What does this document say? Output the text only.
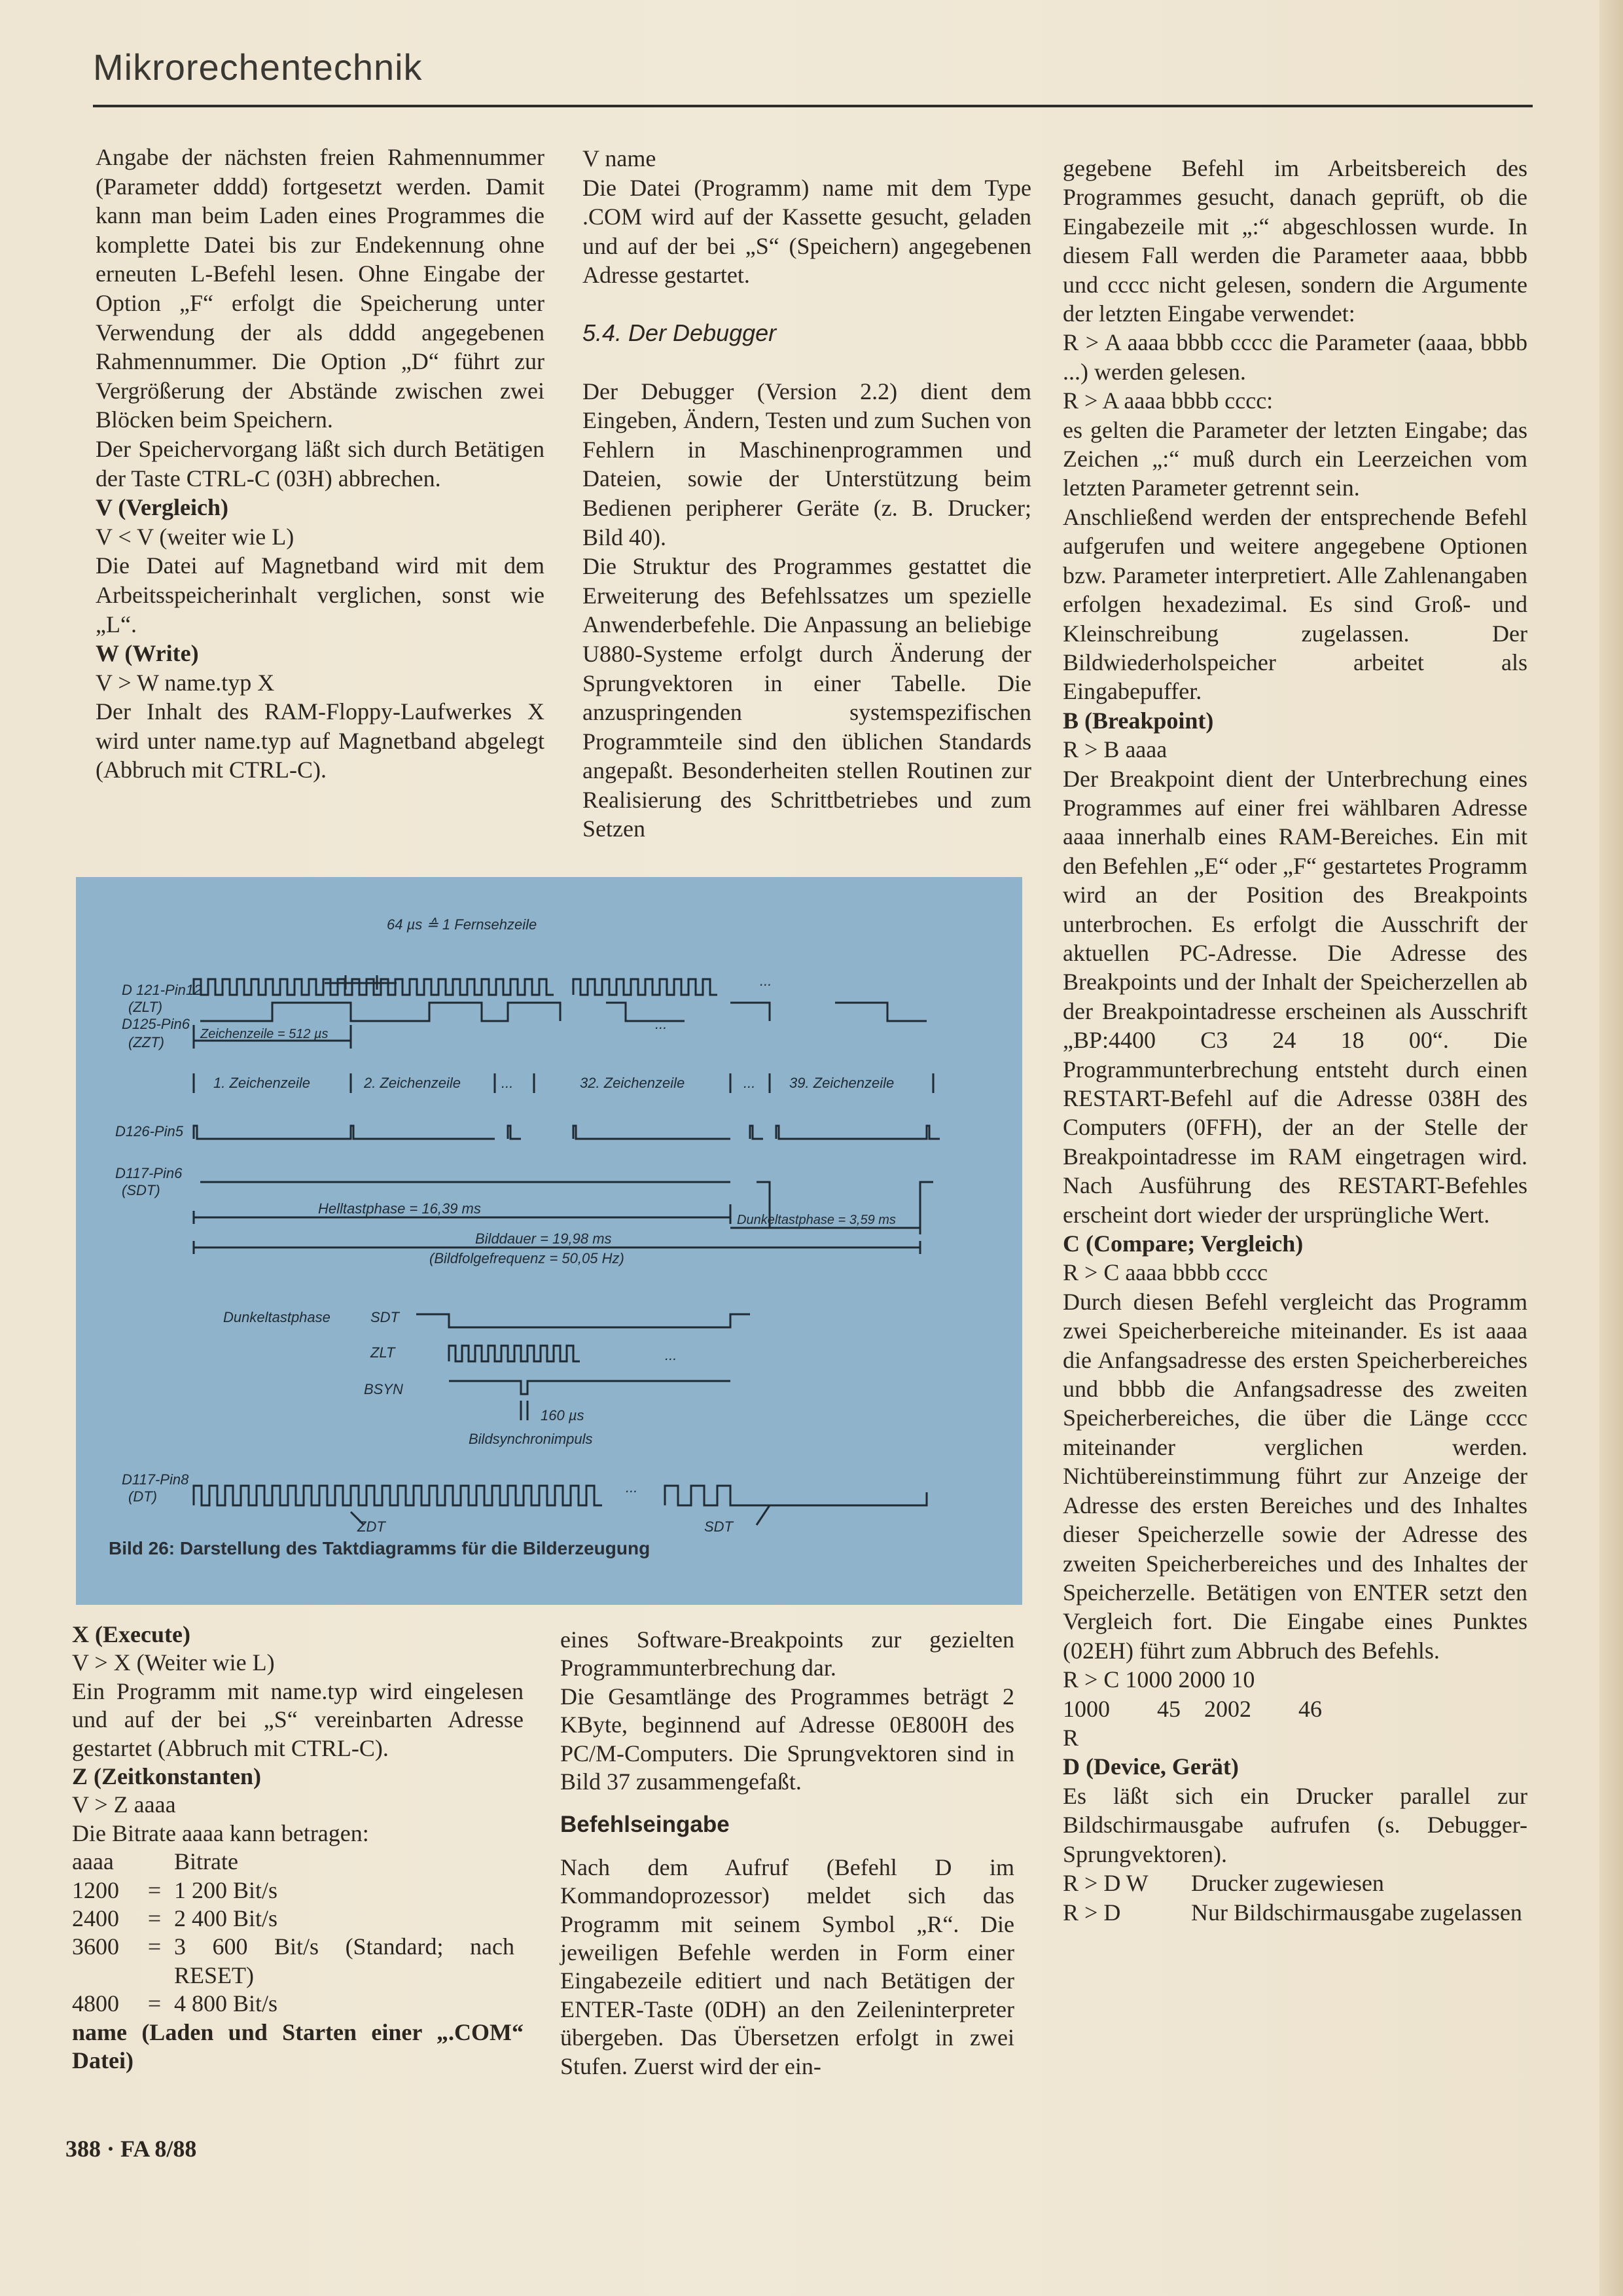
Mikrorechentechnik

Angabe der nächsten freien Rahmennummer (Parameter dddd) fortgesetzt werden. Damit kann man beim Laden eines Programmes die komplette Datei bis zur Endekennung ohne erneuten L-Befehl lesen. Ohne Eingabe der Option „F“ erfolgt die Speicherung unter Verwendung der als dddd angegebenen Rahmennummer. Die Option „D“ führt zur Vergrößerung der Abstände zwischen zwei Blöcken beim Speichern.

Der Speichervorgang läßt sich durch Betätigen der Taste CTRL-C (03H) abbrechen.

V (Vergleich)

V < V (weiter wie L)

Die Datei auf Magnetband wird mit dem Arbeitsspeicherinhalt verglichen, sonst wie „L“.

W (Write)

V > W name.typ X

Der Inhalt des RAM-Floppy-Laufwerkes X wird unter name.typ auf Magnetband abgelegt (Abbruch mit CTRL-C).

V name

Die Datei (Programm) name mit dem Type .COM wird auf der Kassette gesucht, geladen und auf der bei „S“ (Speichern) angegebenen Adresse gestartet.

5.4. Der Debugger

Der Debugger (Version 2.2) dient dem Eingeben, Ändern, Testen und zum Suchen von Fehlern in Maschinenprogrammen und Dateien, sowie der Unterstützung beim Bedienen peripherer Geräte (z. B. Drucker; Bild 40).

Die Struktur des Programmes gestattet die Erweiterung des Befehlssatzes um spezielle Anwenderbefehle. Die Anpassung an beliebige U880-Systeme erfolgt durch Änderung der Sprungvektoren in einer Tabelle. Die anzuspringenden systemspezifischen Programmteile sind den üblichen Standards angepaßt. Besonderheiten stellen Routinen zur Realisierung des Schrittbetriebes und zum Setzen

gegebene Befehl im Arbeitsbereich des Programmes gesucht, danach geprüft, ob die Eingabezeile mit „:“ abgeschlossen wurde. In diesem Fall werden die Parameter aaaa, bbbb und cccc nicht gelesen, sondern die Argumente der letzten Eingabe verwendet:

R > A aaaa bbbb cccc die Parameter (aaaa, bbbb ...) werden gelesen.

R > A aaaa bbbb cccc:

es gelten die Parameter der letzten Eingabe; das Zeichen „:“ muß durch ein Leerzeichen vom letzten Parameter getrennt sein.

Anschließend werden der entsprechende Befehl aufgerufen und weitere angegebene Optionen bzw. Parameter interpretiert. Alle Zahlenangaben erfolgen hexadezimal. Es sind Groß- und Kleinschreibung zugelassen. Der Bildwiederholspeicher arbeitet als Eingabepuffer.

B (Breakpoint)

R > B aaaa

Der Breakpoint dient der Unterbrechung eines Programmes auf einer frei wählbaren Adresse aaaa innerhalb eines RAM-Bereiches. Ein mit den Befehlen „E“ oder „F“ gestartetes Programm wird an der Position des Breakpoints unterbrochen. Es erfolgt die Ausschrift der aktuellen PC-Adresse. Die Adresse des Breakpoints und der Inhalt der Speicherzellen ab der Breakpointadresse erscheinen als Ausschrift „BP:4400 C3 24 18 00“. Die Programmunterbrechung entsteht durch einen RESTART-Befehl auf die Adresse 038H des Computers (0FFH), der an der Stelle der Breakpointadresse im RAM eingetragen wird. Nach Ausführung des RESTART-Befehles erscheint dort wieder der ursprüngliche Wert.

C (Compare; Vergleich)

R > C aaaa bbbb cccc

Durch diesen Befehl vergleicht das Programm zwei Speicherbereiche miteinander. Es ist aaaa die Anfangsadresse des ersten Speicherbereiches und bbbb die Anfangsadresse des zweiten Speicherbereiches, die über die Länge cccc miteinander verglichen werden. Nichtübereinstimmung führt zur Anzeige der Adresse des ersten Bereiches und des Inhaltes dieser Speicherzelle sowie der Adresse des zweiten Speicherbereiches und des Inhaltes der Speicherzelle. Betätigen von ENTER setzt den Vergleich fort. Die Eingabe eines Punktes (02EH) führt zum Abbruch des Befehls.

R > C 1000 2000 10

1000        45    2002        46

R

D (Device, Gerät)

Es läßt sich ein Drucker parallel zur Bildschirmausgabe aufrufen (s. Debugger-Sprungvektoren).

R > D W	Drucker zugewiesen
R > D	Nur Bildschirmausgabe zugelassen
D 121-Pin12
(ZLT)
D125-Pin6
(ZZT)
64 µs ≙ 1 Fernsehzeile
Zeichenzeile = 512 µs
1. Zeichenzeile	2. Zeichenzeile	...	32. Zeichenzeile	... 39. Zeichenzeile
D126-Pin5
D117-Pin6
(SDT)
Helltastphase = 16,39 ms
Dunkeltastphase = 3,59 ms
Bilddauer = 19,98 ms
(Bildfolgefrequenz = 50,05 Hz)
Dunkeltastphase	SDT
ZLT
BSYN
160 µs
Bildsynchronimpuls
D117-Pin8
(DT)
...
ZDT	SDT
...
...
...
Bild 26: Darstellung des Taktdiagramms für die Bilderzeugung

X (Execute)

V > X (Weiter wie L)

Ein Programm mit name.typ wird eingelesen und auf der bei „S“ vereinbarten Adresse gestartet (Abbruch mit CTRL-C).

Z (Zeitkonstanten)

V > Z aaaa

Die Bitrate aaaa kann betragen:

aaaa		Bitrate
1200	=	1 200 Bit/s
2400	=	2 400 Bit/s
3600	=	3 600 Bit/s (Standard; nach RESET)
4800	=	4 800 Bit/s

name (Laden und Starten einer „.COM“ Datei)

eines Software-Breakpoints zur gezielten Programmunterbrechung dar.

Die Gesamtlänge des Programmes beträgt 2 KByte, beginnend auf Adresse 0E800H des PC/M-Computers. Die Sprungvektoren sind in Bild 37 zusammengefaßt.

Befehlseingabe

Nach dem Aufruf (Befehl D im Kommandoprozessor) meldet sich das Programm mit seinem Symbol „R“. Die jeweiligen Befehle werden in Form einer Eingabezeile editiert und nach Betätigen der ENTER-Taste (0DH) an den Zeileninterpreter übergeben. Das Übersetzen erfolgt in zwei Stufen. Zuerst wird der ein-

388 · FA 8/88
